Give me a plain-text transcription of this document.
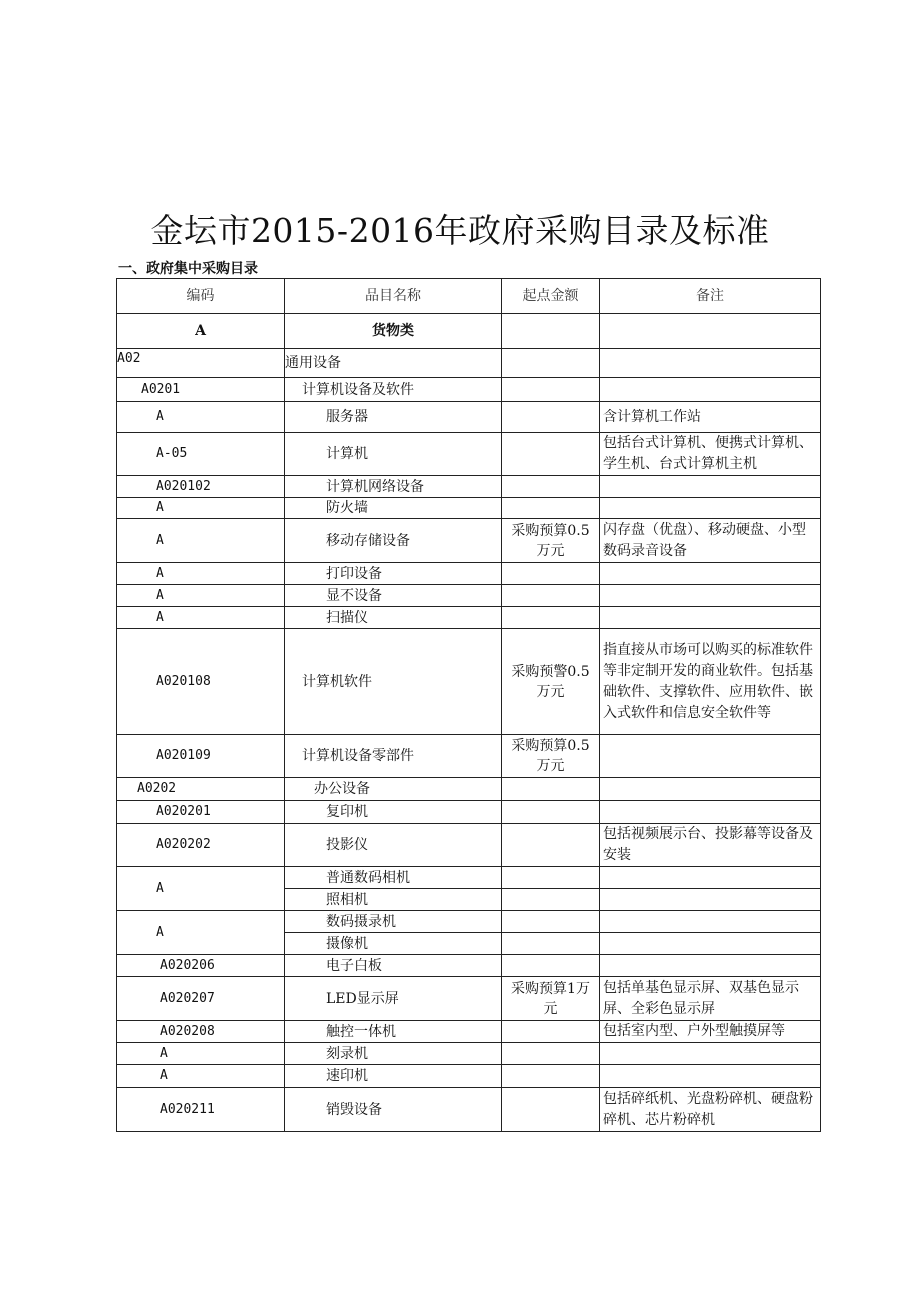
金坛市2015-2016年政府采购目录及标准
一、政府集中采购目录
编码	品目名称	起点金额	备注
A	货物类		
A02	通用设备		
A0201	计算机设备及软件		
A	服务器		含计算机工作站
A-05	计算机		包括台式计算机、便携式计算机、学生机、台式计算机主机
A020102	计算机网络设备		
A	防火墙		
A	移动存储设备	采购预算0.5万元	闪存盘（优盘）、移动硬盘、小型数码录音设备
A	打印设备		
A	显不设备		
A	扫描仪		
A020108	计算机软件	采购预警0.5万元	指直接从市场可以购买的标准软件等非定制开发的商业软件。包括基础软件、支撑软件、应用软件、嵌入式软件和信息安全软件等
A020109	计算机设备零部件	采购预算0.5万元	
A0202	办公设备		
A020201	复印机		
A020202	投影仪		包括视频展示台、投影幕等设备及安装
A	普通数码相机		
	照相机		
A	数码摄录机		
	摄像机		
A020206	电子白板		
A020207	LED显示屏	采购预算1万元	包括单基色显示屏、双基色显示屏、全彩色显示屏
A020208	触控一体机		包括室内型、户外型触摸屏等
A	刻录机		
A	速印机		
A020211	销毁设备		包括碎纸机、光盘粉碎机、硬盘粉碎机、芯片粉碎机
